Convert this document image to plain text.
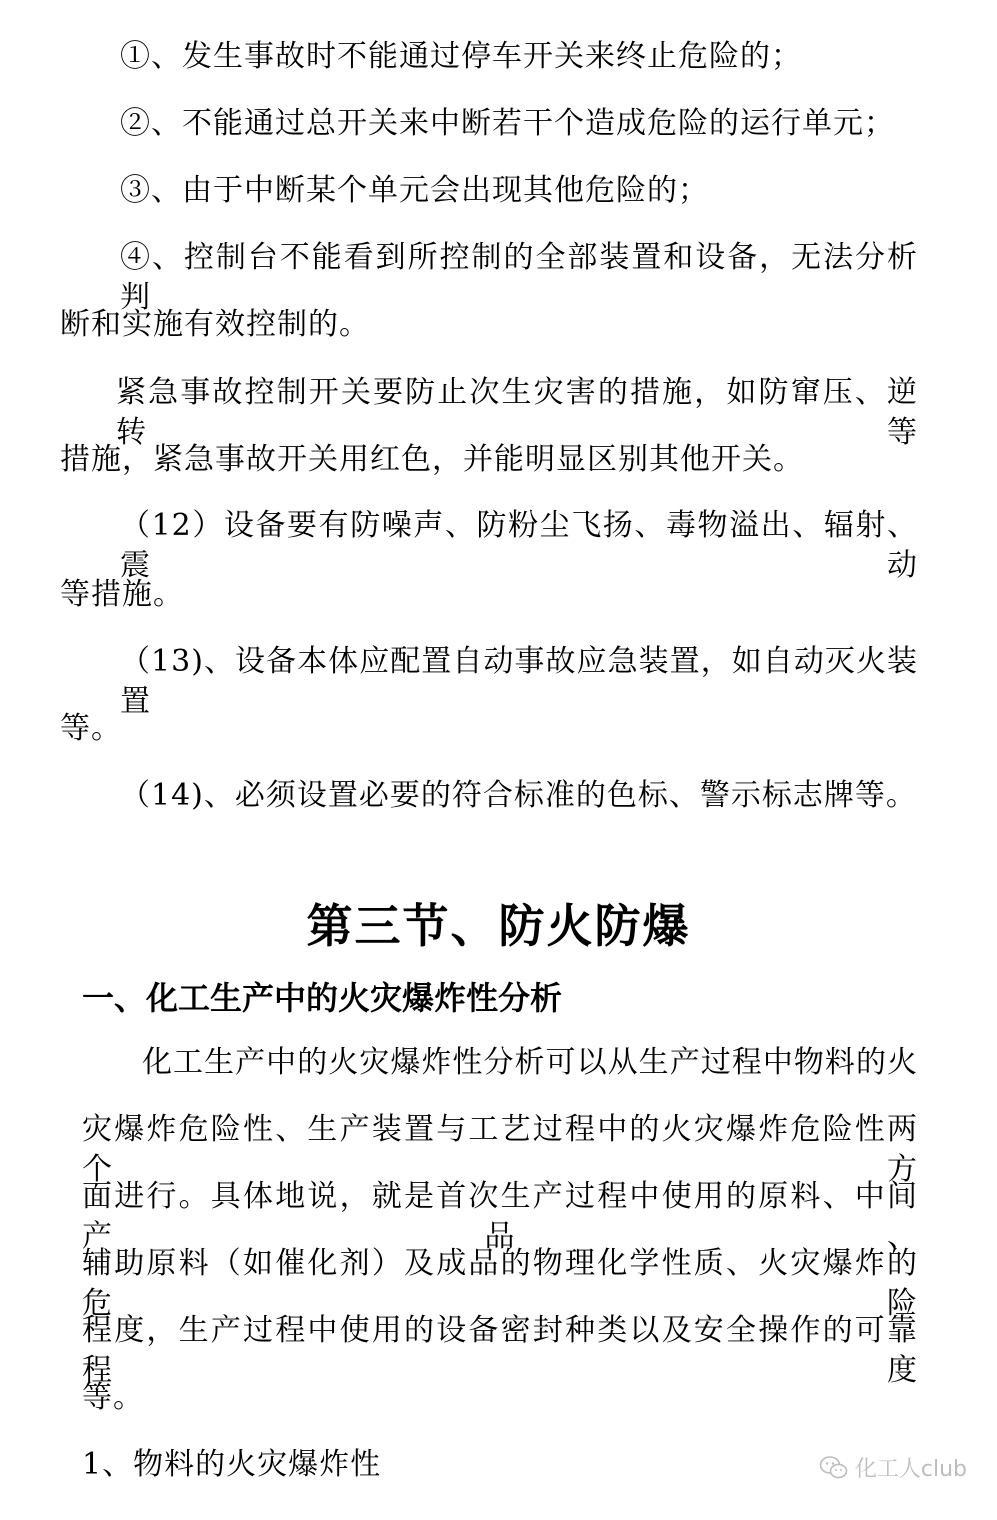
①、发生事故时不能通过停车开关来终止危险的；
②、不能通过总开关来中断若干个造成危险的运行单元；
③、由于中断某个单元会出现其他危险的；
④、控制台不能看到所控制的全部装置和设备，无法分析判
断和实施有效控制的。
紧急事故控制开关要防止次生灾害的措施，如防窜压、逆转等
措施，紧急事故开关用红色，并能明显区别其他开关。
（12）设备要有防噪声、防粉尘飞扬、毒物溢出、辐射、震动
等措施。
（13)、设备本体应配置自动事故应急装置，如自动灭火装置
等。
（14)、必须设置必要的符合标准的色标、警示标志牌等。
第三节、防火防爆
一、化工生产中的火灾爆炸性分析
化工生产中的火灾爆炸性分析可以从生产过程中物料的火
灾爆炸危险性、生产装置与工艺过程中的火灾爆炸危险性两个方
面进行。具体地说，就是首次生产过程中使用的原料、中间产品、
辅助原料（如催化剂）及成品的物理化学性质、火灾爆炸的危险
程度，生产过程中使用的设备密封种类以及安全操作的可靠程度
等。
1、物料的火灾爆炸性	化工人club
